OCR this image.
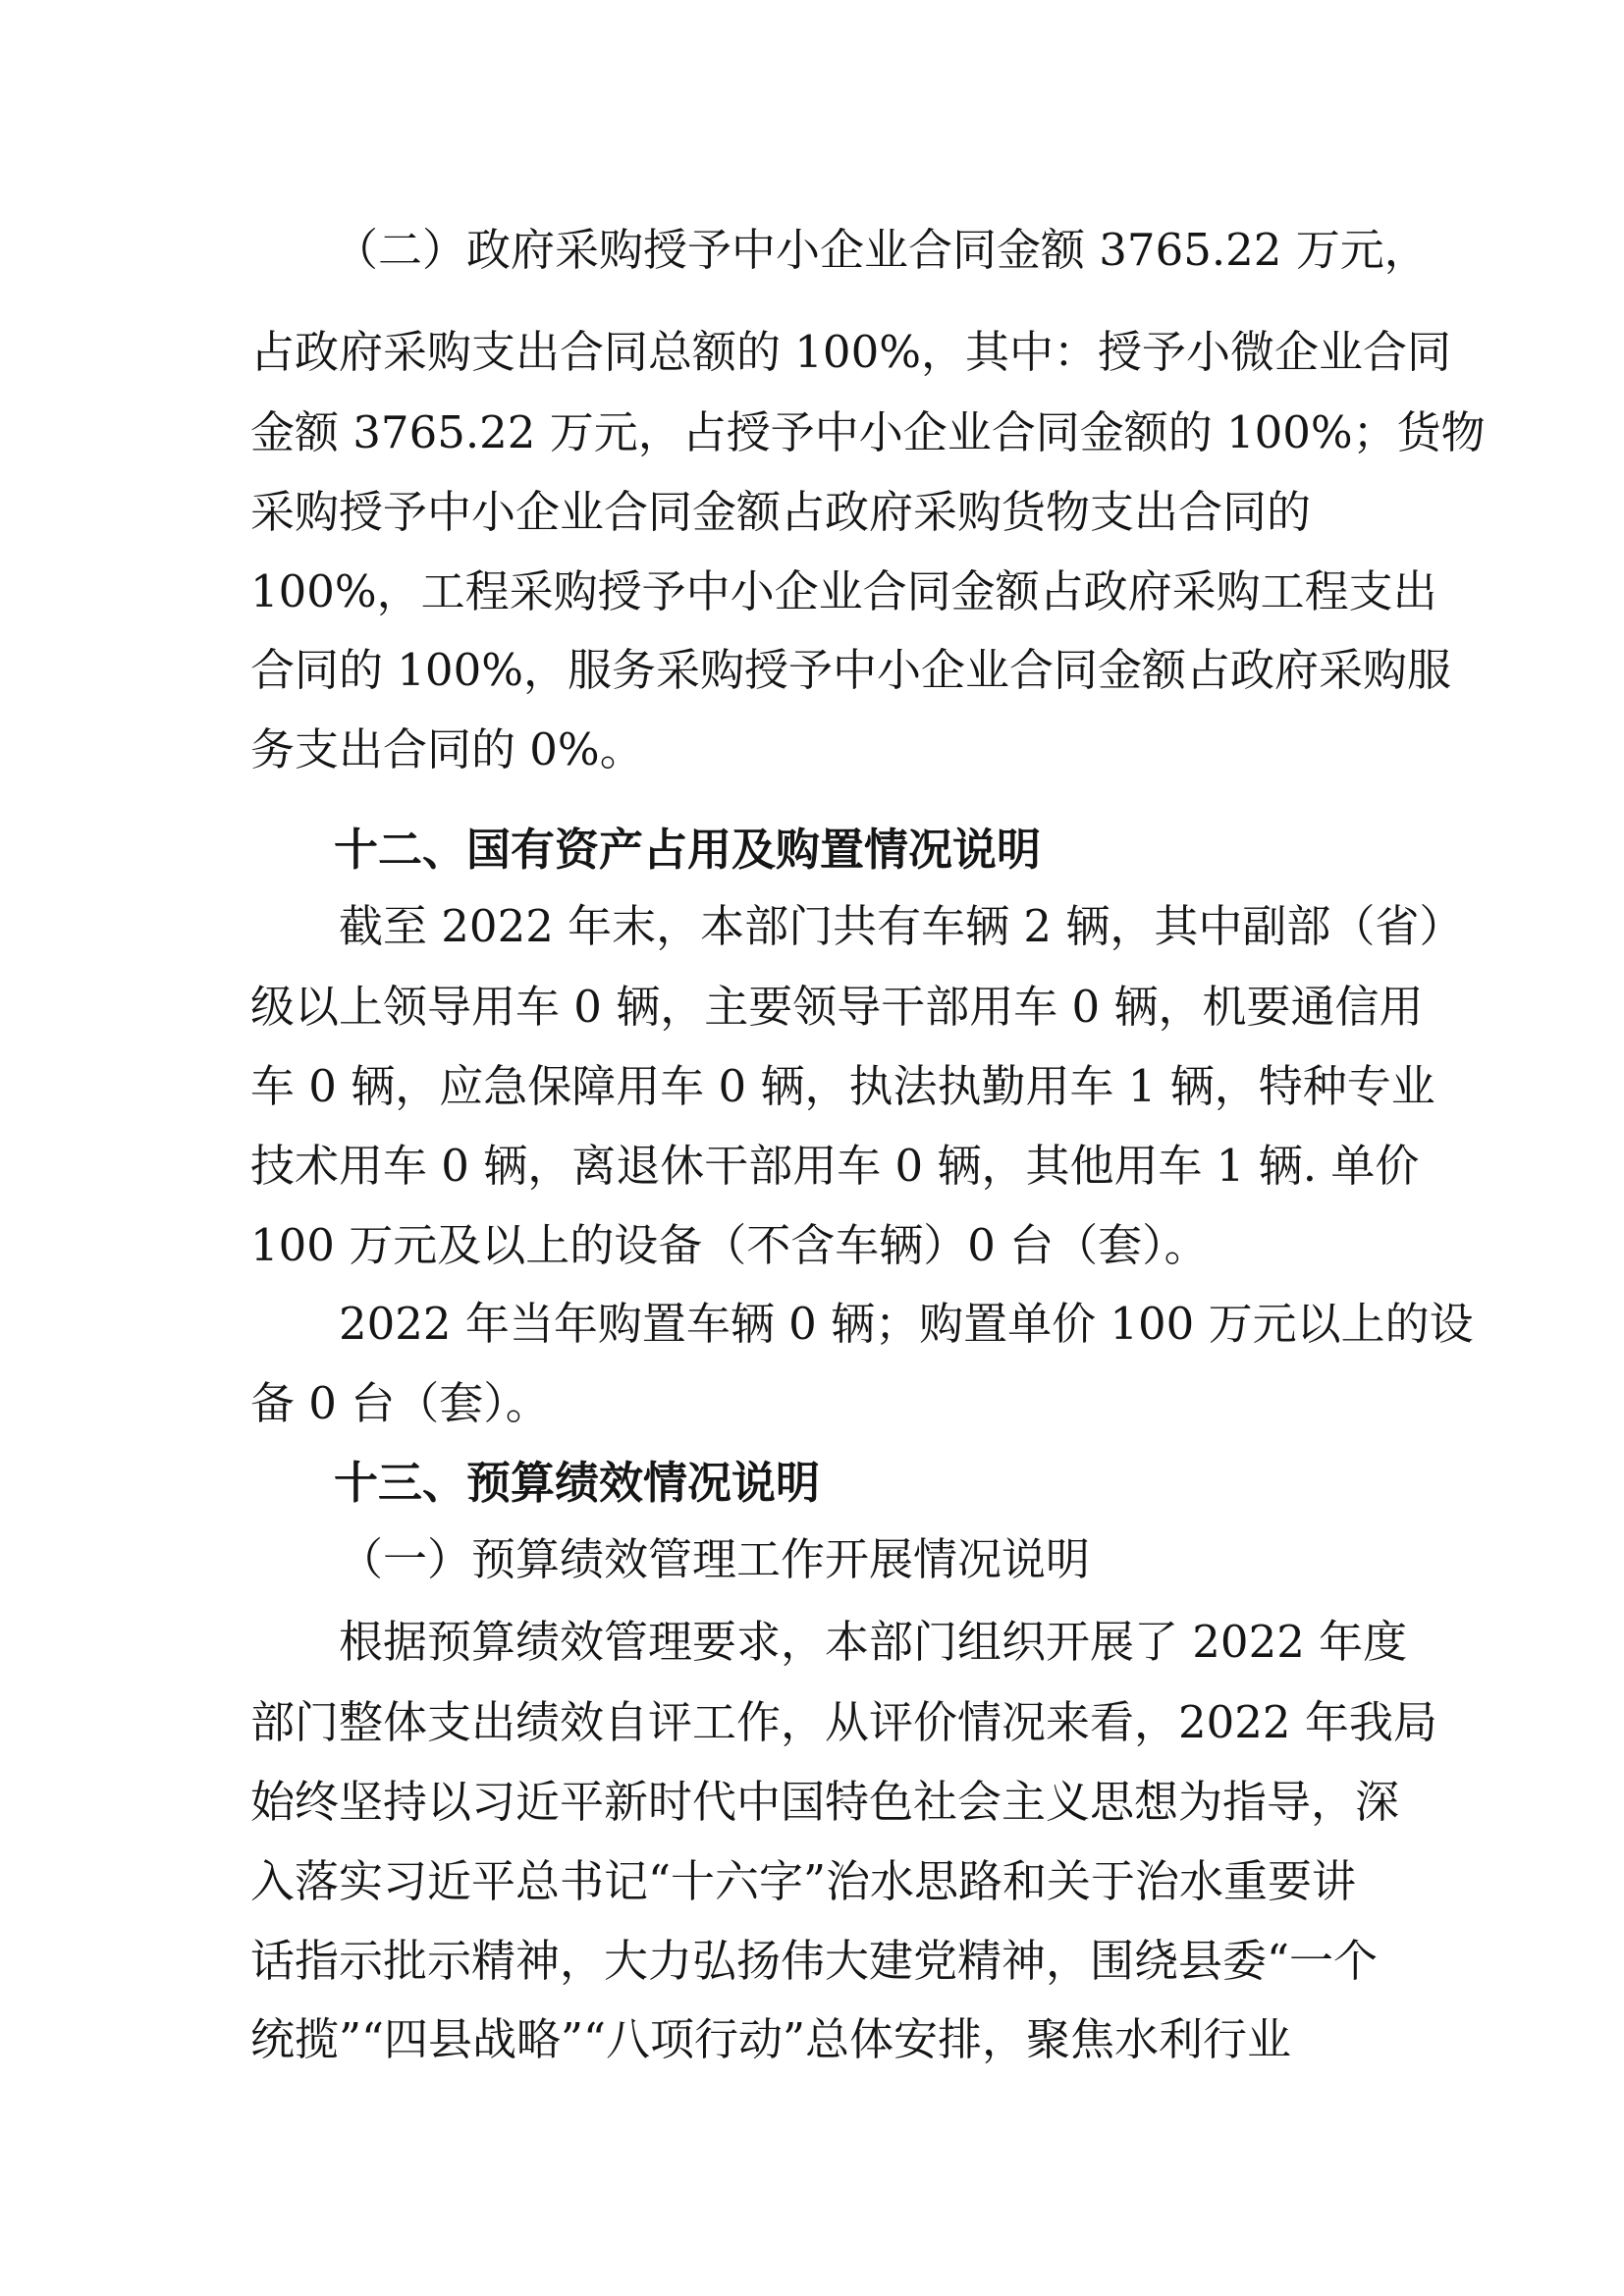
（二）政府采购授予中小企业合同金额 3765.22 万元，
占政府采购支出合同总额的 100%，其中：授予小微企业合同
金额 3765.22 万元，占授予中小企业合同金额的 100%；货物
采购授予中小企业合同金额占政府采购货物支出合同的
100%，工程采购授予中小企业合同金额占政府采购工程支出
合同的 100%，服务采购授予中小企业合同金额占政府采购服
务支出合同的 0%。
十二、国有资产占用及购置情况说明
截至 2022 年末，本部门共有车辆 2 辆，其中副部（省）
级以上领导用车 0 辆，主要领导干部用车 0 辆，机要通信用
车 0 辆，应急保障用车 0 辆，执法执勤用车 1 辆，特种专业
技术用车 0 辆，离退休干部用车 0 辆，其他用车 1 辆. 单价
100 万元及以上的设备（不含车辆）0 台（套）。
2022 年当年购置车辆 0 辆；购置单价 100 万元以上的设
备 0 台（套）。
十三、预算绩效情况说明
（一）预算绩效管理工作开展情况说明
根据预算绩效管理要求，本部门组织开展了 2022 年度
部门整体支出绩效自评工作，从评价情况来看，2022 年我局
始终坚持以习近平新时代中国特色社会主义思想为指导，深
入落实习近平总书记“十六字”治水思路和关于治水重要讲
话指示批示精神，大力弘扬伟大建党精神，围绕县委“一个
统揽”“四县战略”“八项行动”总体安排，聚焦水利行业
